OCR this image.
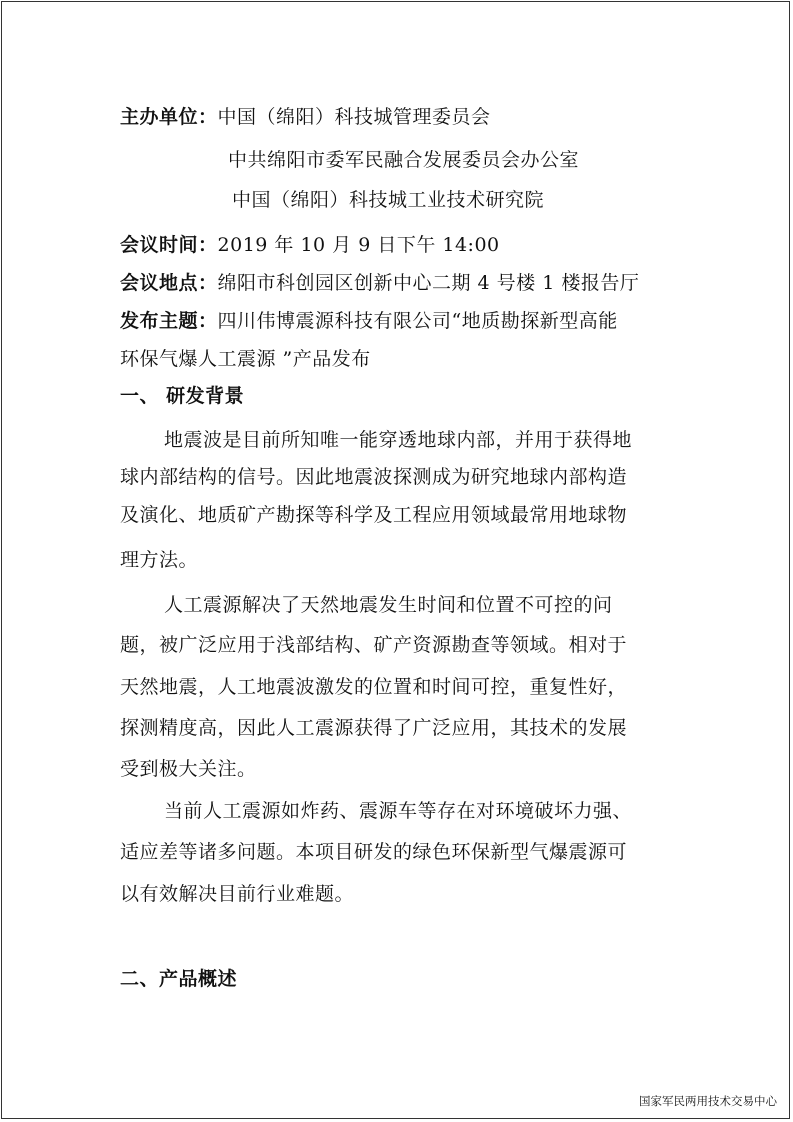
主办单位：中国（绵阳）科技城管理委员会
中共绵阳市委军民融合发展委员会办公室
中国（绵阳）科技城工业技术研究院
会议时间：2019 年 10 月 9 日下午 14:00
会议地点：绵阳市科创园区创新中心二期 4 号楼 1 楼报告厅
发布主题：四川伟博震源科技有限公司“地质勘探新型高能
环保气爆人工震源 ”产品发布
一、 研发背景
地震波是目前所知唯一能穿透地球内部，并用于获得地
球内部结构的信号。因此地震波探测成为研究地球内部构造
及演化、地质矿产勘探等科学及工程应用领域最常用地球物
理方法。
人工震源解决了天然地震发生时间和位置不可控的问
题，被广泛应用于浅部结构、矿产资源勘查等领域。相对于
天然地震，人工地震波激发的位置和时间可控，重复性好，
探测精度高，因此人工震源获得了广泛应用，其技术的发展
受到极大关注。
当前人工震源如炸药、震源车等存在对环境破坏力强、
适应差等诸多问题。本项目研发的绿色环保新型气爆震源可
以有效解决目前行业难题。
二、产品概述
国家军民两用技术交易中心
